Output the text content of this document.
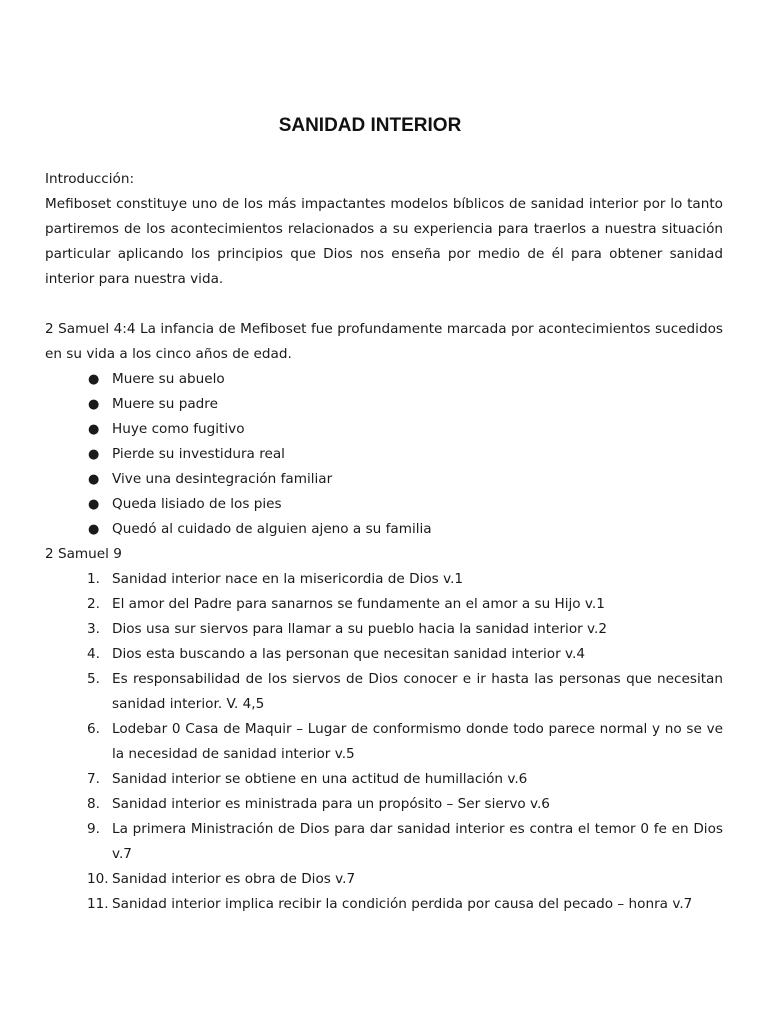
SANIDAD INTERIOR

Introducción:

Mefiboset constituye uno de los más impactantes modelos bíblicos de sanidad interior por lo tanto partiremos de los acontecimientos relacionados a su experiencia para traerlos a nuestra situación particular aplicando los principios que Dios nos enseña por medio de él para obtener sanidad interior para nuestra vida.

2 Samuel 4:4 La infancia de Mefiboset fue profundamente marcada por acontecimientos sucedidos en su vida a los cinco años de edad.

● Muere su abuelo
● Muere su padre
● Huye como fugitivo
● Pierde su investidura real
● Vive una desintegración familiar
● Queda lisiado de los pies
● Quedó al cuidado de alguien ajeno a su familia

2 Samuel 9

1. Sanidad interior nace en la misericordia de Dios v.1
2. El amor del Padre para sanarnos se fundamente an el amor a su Hijo v.1
3. Dios usa sur siervos para llamar a su pueblo hacia la sanidad interior v.2
4. Dios esta buscando a las personan que necesitan sanidad interior v.4
5. Es responsabilidad de los siervos de Dios conocer e ir hasta las personas que necesitan sanidad interior. V. 4,5
6. Lodebar 0 Casa de Maquir – Lugar de conformismo donde todo parece normal y no se ve la necesidad de sanidad interior v.5
7. Sanidad interior se obtiene en una actitud de humillación v.6
8. Sanidad interior es ministrada para un propósito – Ser siervo v.6
9. La primera Ministración de Dios para dar sanidad interior es contra el temor 0 fe en Dios v.7
10. Sanidad interior es obra de Dios v.7
11. Sanidad interior implica recibir la condición perdida por causa del pecado – honra v.7
